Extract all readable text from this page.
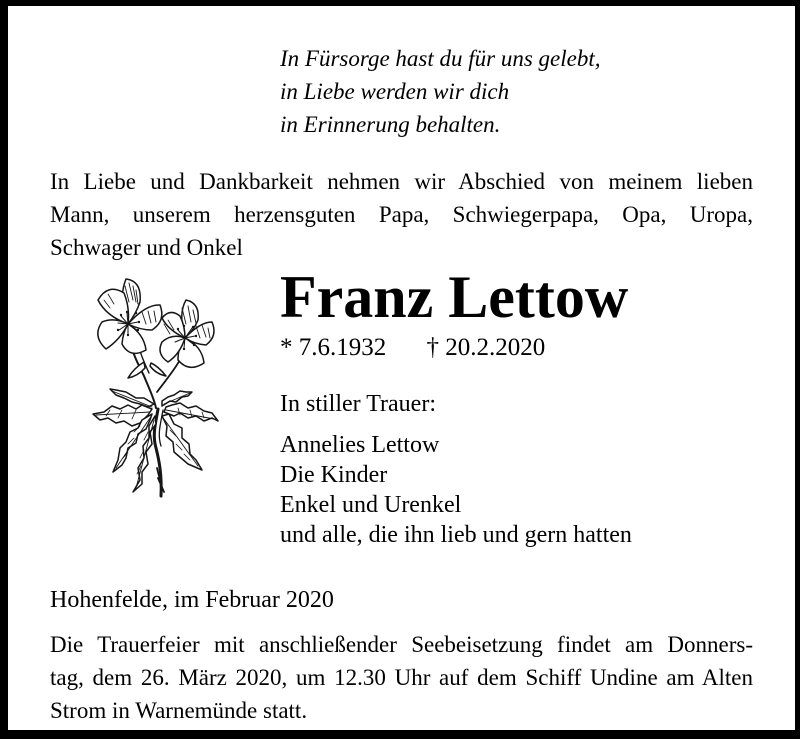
In Fürsorge hast du für uns gelebt,
in Liebe werden wir dich
in Erinnerung behalten.
In Liebe und Dankbarkeit nehmen wir Abschied von meinem lieben
Mann, unserem herzensguten Papa, Schwiegerpapa, Opa, Uropa,
Schwager und Onkel
Franz Lettow
* 7.6.1932 † 20.2.2020
In stiller Trauer:
Annelies Lettow
Die Kinder
Enkel und Urenkel
und alle, die ihn lieb und gern hatten
Hohenfelde, im Februar 2020
Die Trauerfeier mit anschließender Seebeisetzung findet am Donners-
tag, dem 26. März 2020, um 12.30 Uhr auf dem Schiff Undine am Alten
Strom in Warnemünde statt.
